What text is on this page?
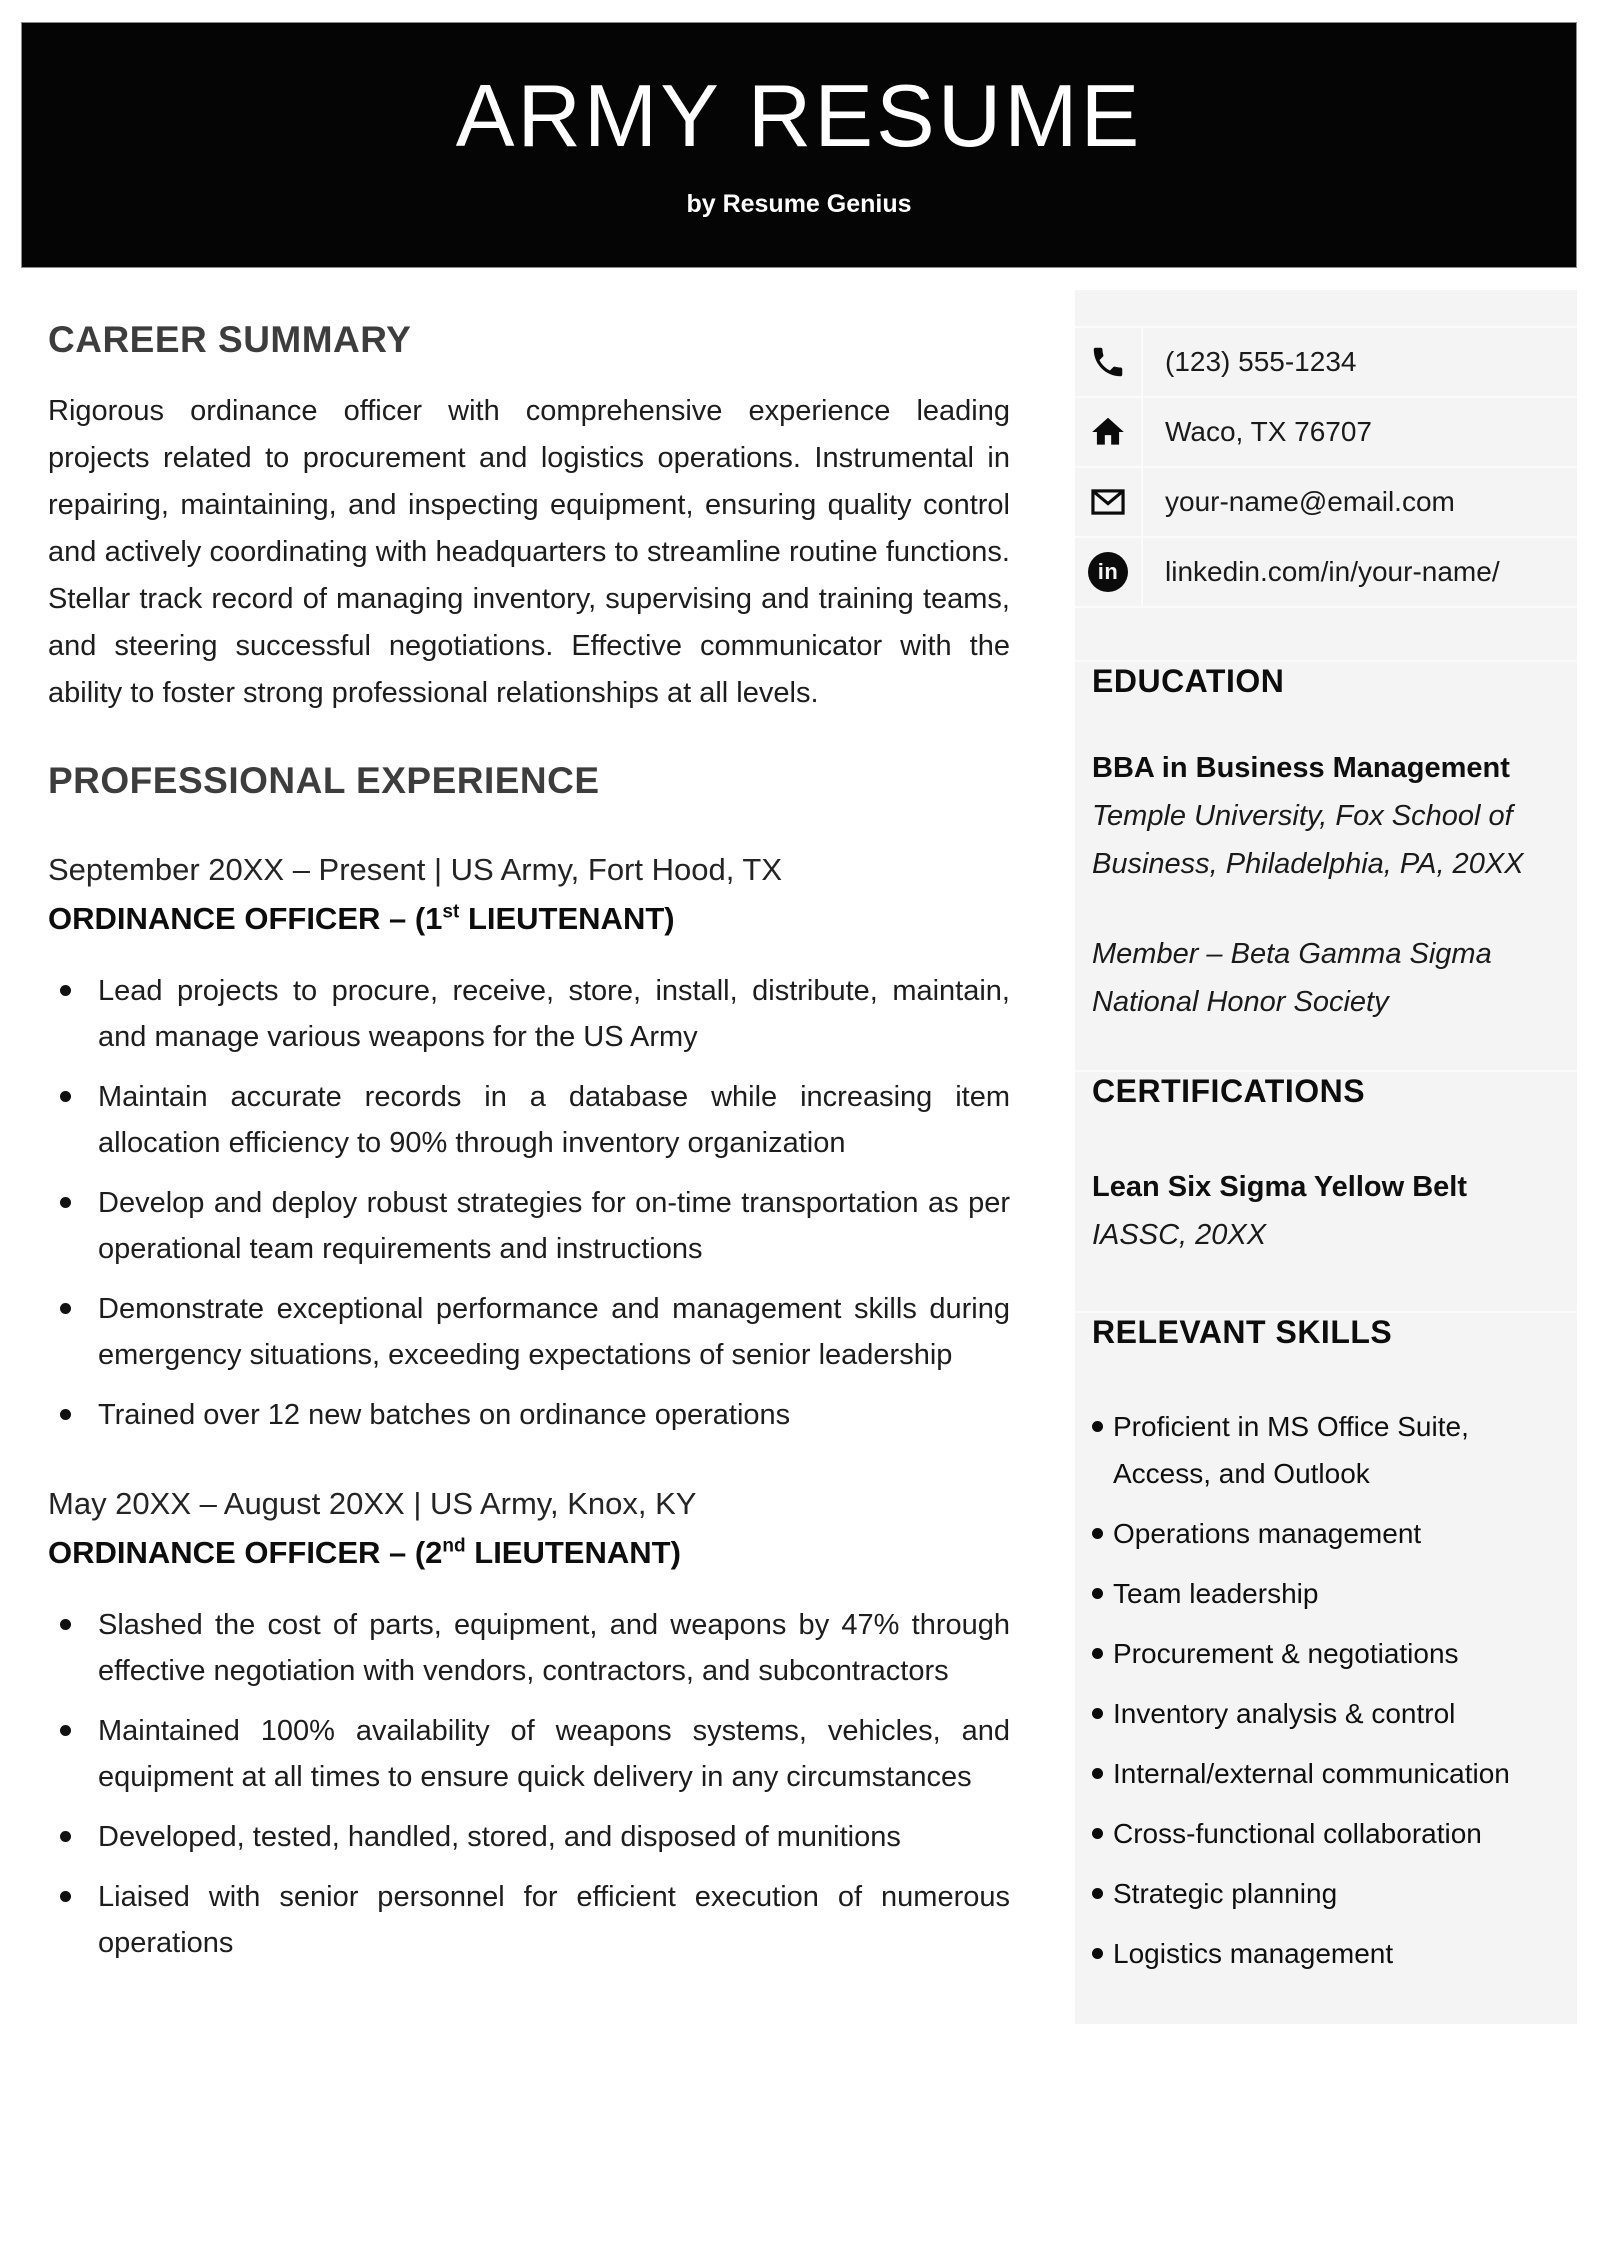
ARMY RESUME
by Resume Genius
CAREER SUMMARY

Rigorous ordinance officer with comprehensive experience leading projects related to procurement and logistics operations. Instrumental in repairing, maintaining, and inspecting equipment, ensuring quality control and actively coordinating with headquarters to streamline routine functions. Stellar track record of managing inventory, supervising and training teams, and steering successful negotiations. Effective communicator with the ability to foster strong professional relationships at all levels.

PROFESSIONAL EXPERIENCE
September 20XX – Present | US Army, Fort Hood, TX
ORDINANCE OFFICER – (1st LIEUTENANT)
Lead projects to procure, receive, store, install, distribute, maintain, and manage various weapons for the US Army
Maintain accurate records in a database while increasing item allocation efficiency to 90% through inventory organization
Develop and deploy robust strategies for on-time transportation as per operational team requirements and instructions
Demonstrate exceptional performance and management skills during emergency situations, exceeding expectations of senior leadership
Trained over 12 new batches on ordinance operations
May 20XX – August 20XX | US Army, Knox, KY
ORDINANCE OFFICER – (2nd LIEUTENANT)
Slashed the cost of parts, equipment, and weapons by 47% through effective negotiation with vendors, contractors, and subcontractors
Maintained 100% availability of weapons systems, vehicles, and equipment at all times to ensure quick delivery in any circumstances
Developed, tested, handled, stored, and disposed of munitions
Liaised with senior personnel for efficient execution of numerous operations
(123) 555-1234
Waco, TX 76707
your-name@email.com
in	linkedin.com/in/your-name/
EDUCATION
BBA in Business Management
Temple University, Fox School of Business, Philadelphia, PA, 20XX
Member – Beta Gamma Sigma National Honor Society
CERTIFICATIONS
Lean Six Sigma Yellow Belt
IASSC, 20XX
RELEVANT SKILLS
Proficient in MS Office Suite, Access, and Outlook
Operations management
Team leadership
Procurement & negotiations
Inventory analysis & control
Internal/external communication
Cross-functional collaboration
Strategic planning
Logistics management
